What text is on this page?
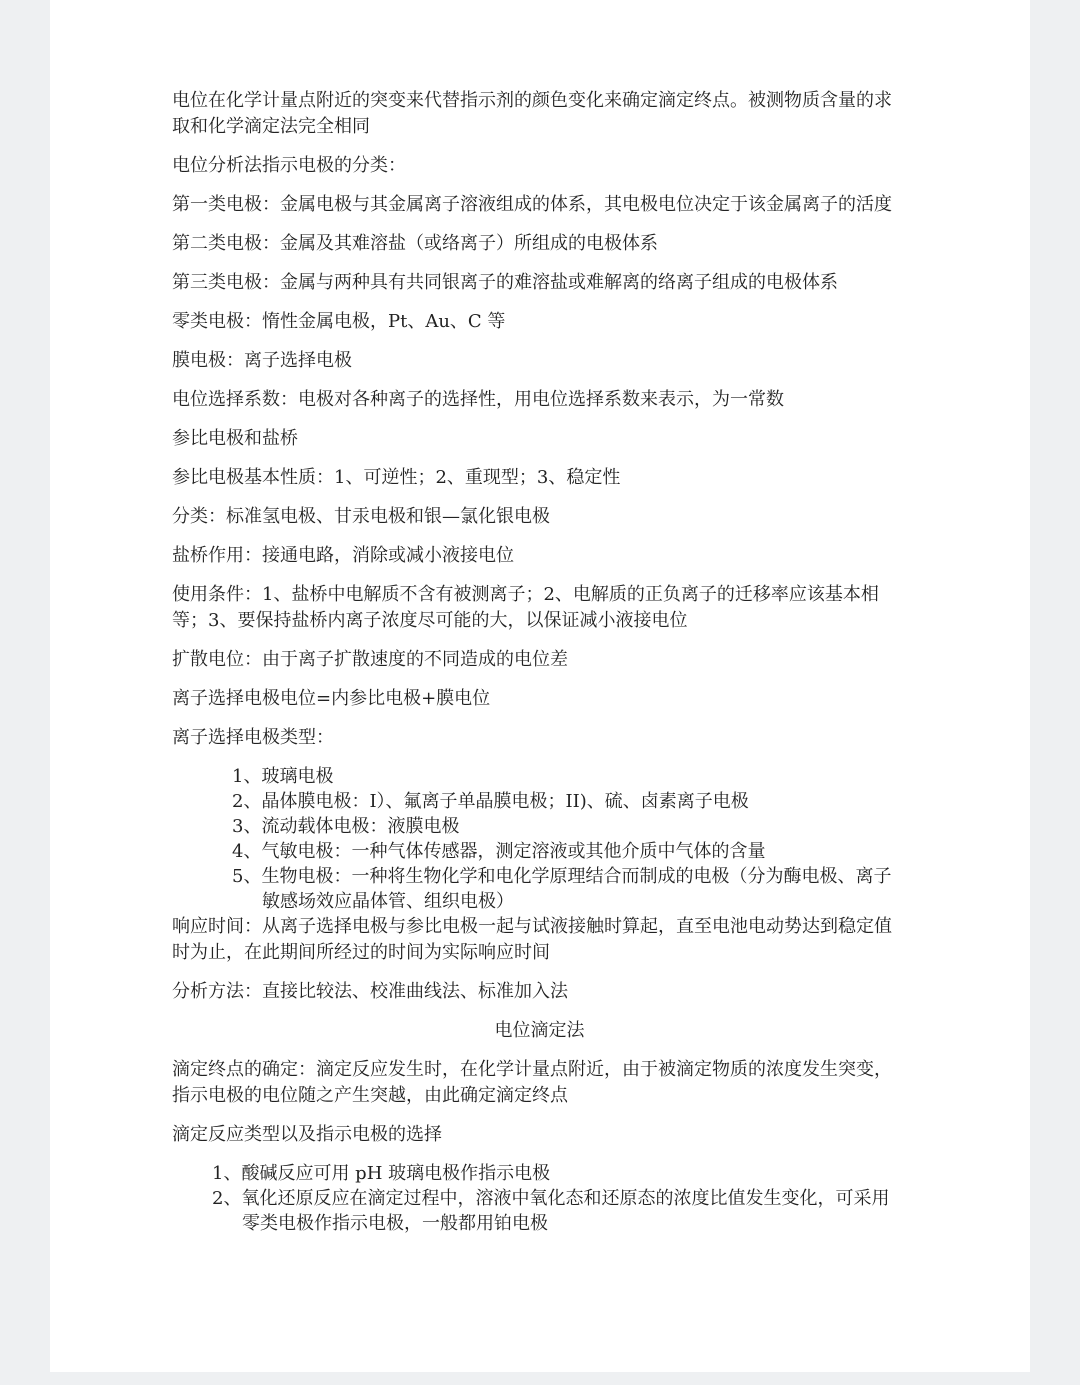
电位在化学计量点附近的突变来代替指示剂的颜色变化来确定滴定终点。被测物质含量的求取和化学滴定法完全相同

电位分析法指示电极的分类：

第一类电极：金属电极与其金属离子溶液组成的体系，其电极电位决定于该金属离子的活度

第二类电极：金属及其难溶盐（或络离子）所组成的电极体系

第三类电极：金属与两种具有共同银离子的难溶盐或难解离的络离子组成的电极体系

零类电极：惰性金属电极，Pt、Au、C 等

膜电极：离子选择电极

电位选择系数：电极对各种离子的选择性，用电位选择系数来表示，为一常数

参比电极和盐桥

参比电极基本性质：1、可逆性；2、重现型；3、稳定性

分类：标准氢电极、甘汞电极和银—氯化银电极

盐桥作用：接通电路，消除或减小液接电位

使用条件：1、盐桥中电解质不含有被测离子；2、电解质的正负离子的迁移率应该基本相等；3、要保持盐桥内离子浓度尽可能的大，以保证减小液接电位

扩散电位：由于离子扩散速度的不同造成的电位差

离子选择电极电位=内参比电极+膜电位

离子选择电极类型：

1、玻璃电极
2、晶体膜电极：I）、氟离子单晶膜电极；II)、硫、卤素离子电极
3、流动载体电极：液膜电极
4、气敏电极：一种气体传感器，测定溶液或其他介质中气体的含量
5、生物电极：一种将生物化学和电化学原理结合而制成的电极（分为酶电极、离子敏感场效应晶体管、组织电极）

响应时间：从离子选择电极与参比电极一起与试液接触时算起，直至电池电动势达到稳定值时为止，在此期间所经过的时间为实际响应时间

分析方法：直接比较法、校准曲线法、标准加入法

电位滴定法

滴定终点的确定：滴定反应发生时，在化学计量点附近，由于被滴定物质的浓度发生突变，指示电极的电位随之产生突越，由此确定滴定终点

滴定反应类型以及指示电极的选择

1、酸碱反应可用 pH 玻璃电极作指示电极
2、氧化还原反应在滴定过程中，溶液中氧化态和还原态的浓度比值发生变化，可采用零类电极作指示电极，一般都用铂电极
